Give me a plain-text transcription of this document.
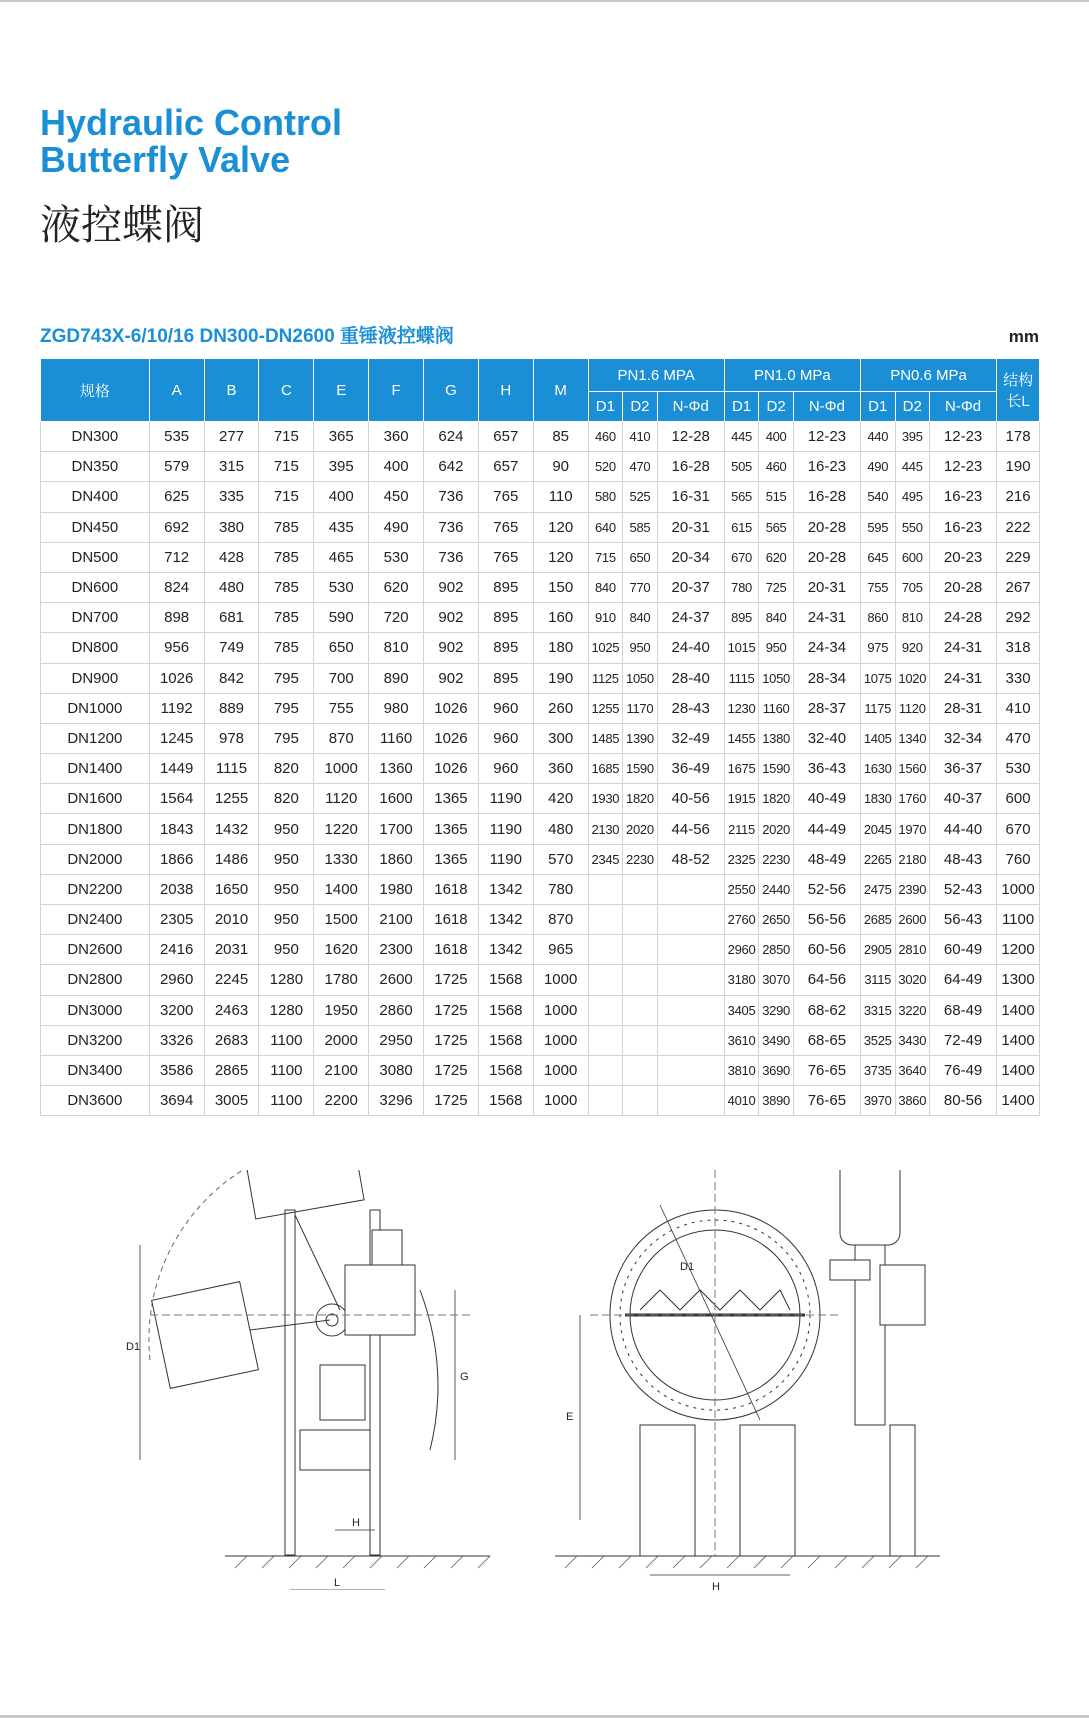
Hydraulic Control
Butterfly Valve
液控蝶阀
ZGD743X-6/10/16 DN300-DN2600 重锤液控蝶阀	mm
规格	A	B	C	E	F	G	H	M	PN1.6 MPA			PN1.0 MPa			PN0.6 MPa			结构
长L

									D1	D2	N-Φd	D1	D2	N-Φd	D1	D2	N-Φd	
DN300	535	277	715	365	360	624	657	85	460	410	12-28	445	400	12-23	440	395	12-23	178
DN350	579	315	715	395	400	642	657	90	520	470	16-28	505	460	16-23	490	445	12-23	190
DN400	625	335	715	400	450	736	765	110	580	525	16-31	565	515	16-28	540	495	16-23	216
DN450	692	380	785	435	490	736	765	120	640	585	20-31	615	565	20-28	595	550	16-23	222
DN500	712	428	785	465	530	736	765	120	715	650	20-34	670	620	20-28	645	600	20-23	229
DN600	824	480	785	530	620	902	895	150	840	770	20-37	780	725	20-31	755	705	20-28	267
DN700	898	681	785	590	720	902	895	160	910	840	24-37	895	840	24-31	860	810	24-28	292
DN800	956	749	785	650	810	902	895	180	1025	950	24-40	1015	950	24-34	975	920	24-31	318
DN900	1026	842	795	700	890	902	895	190	1125	1050	28-40	1115	1050	28-34	1075	1020	24-31	330
DN1000	1192	889	795	755	980	1026	960	260	1255	1170	28-43	1230	1160	28-37	1175	1120	28-31	410
DN1200	1245	978	795	870	1160	1026	960	300	1485	1390	32-49	1455	1380	32-40	1405	1340	32-34	470
DN1400	1449	1115	820	1000	1360	1026	960	360	1685	1590	36-49	1675	1590	36-43	1630	1560	36-37	530
DN1600	1564	1255	820	1120	1600	1365	1190	420	1930	1820	40-56	1915	1820	40-49	1830	1760	40-37	600
DN1800	1843	1432	950	1220	1700	1365	1190	480	2130	2020	44-56	2115	2020	44-49	2045	1970	44-40	670
DN2000	1866	1486	950	1330	1860	1365	1190	570	2345	2230	48-52	2325	2230	48-49	2265	2180	48-43	760
DN2200	2038	1650	950	1400	1980	1618	1342	780				2550	2440	52-56	2475	2390	52-43	1000
DN2400	2305	2010	950	1500	2100	1618	1342	870				2760	2650	56-56	2685	2600	56-43	1100
DN2600	2416	2031	950	1620	2300	1618	1342	965				2960	2850	60-56	2905	2810	60-49	1200
DN2800	2960	2245	1280	1780	2600	1725	1568	1000				3180	3070	64-56	3115	3020	64-49	1300
DN3000	3200	2463	1280	1950	2860	1725	1568	1000				3405	3290	68-62	3315	3220	68-49	1400
DN3200	3326	2683	1100	2000	2950	1725	1568	1000				3610	3490	68-65	3525	3430	72-49	1400
DN3400	3586	2865	1100	2100	3080	1725	1568	1000				3810	3690	76-65	3735	3640	76-49	1400
DN3600	3694	3005	1100	2200	3296	1725	1568	1000				4010	3890	76-65	3970	3860	80-56	1400
D1
G
H
L
D1
E
H
